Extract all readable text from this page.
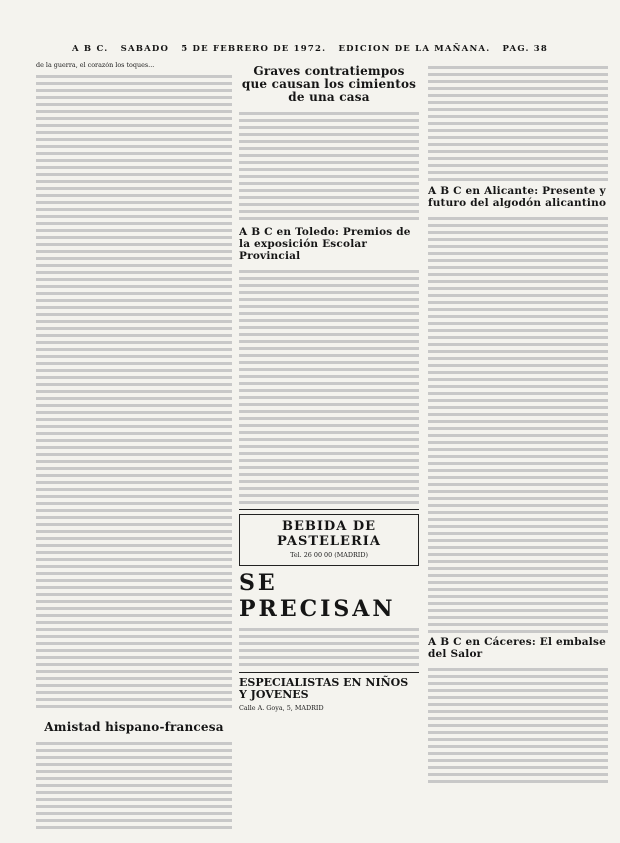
A B C. SABADO 5 DE FEBRERO DE 1972. EDICION DE LA MAÑANA. PAG. 38

de la guerra, el corazón los toques...

Amistad hispano-francesa
Graves contratiempos que causan los cimientos de una casa
A B C en Toledo: Premios de la exposición Escolar Provincial
BEBIDA DE PASTELERIA
Tel. 26 00 00 (MADRID)
SE PRECISAN
ESPECIALISTAS EN NIÑOS Y JOVENES
Calle A. Goya, 5, MADRID
A B C en Alicante: Presente y futuro del algodón alicantino
A B C en Cáceres: El embalse del Salor
